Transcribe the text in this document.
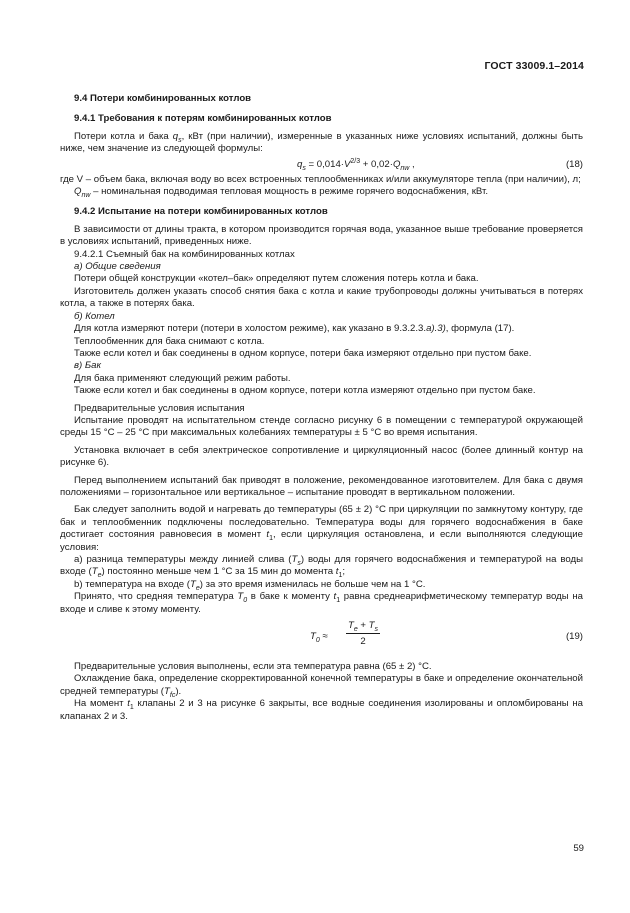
ГОСТ 33009.1–2014

9.4 Потери комбинированных котлов

9.4.1 Требования к потерям комбинированных котлов

Потери котла и бака $q_s$, кВт (при наличии), измеренные в указанных ниже условиях испытаний, должны быть ниже, чем значение из следующей формулы:

$q_s = 0,014\cdot V^{2/3} + 0,02\cdot Q_{nw}$ ,	(18)

где V – объем бака, включая воду во всех встроенных теплообменниках и/или аккумуляторе тепла (при наличии), л;

$Q_{nw}$ – номинальная подводимая тепловая мощность в режиме горячего водоснабжения, кВт.

9.4.2 Испытание на потери комбинированных котлов

В зависимости от длины тракта, в котором производится горячая вода, указанное выше требование проверяется в условиях испытаний, приведенных ниже.

9.4.2.1 Съемный бак на комбинированных котлах

а) Общие сведения

Потери общей конструкции «котел–бак» определяют путем сложения потерь котла и бака.

Изготовитель должен указать способ снятия бака с котла и какие трубопроводы должны учитываться в потерях котла, а также в потерях бака.

б) Котел

Для котла измеряют потери (потери в холостом режиме), как указано в 9.3.2.3.а).3), формула (17).

Теплообменник для бака снимают с котла.

Также если котел и бак соединены в одном корпусе, потери бака измеряют отдельно при пустом баке.

в) Бак

Для бака применяют следующий режим работы.

Также если котел и бак соединены в одном корпусе, потери котла измеряют отдельно при пустом баке.

Предварительные условия испытания

Испытание проводят на испытательном стенде согласно рисунку 6 в помещении с температурой окружающей среды 15 °С – 25 °С при максимальных колебаниях температуры ± 5 °С во время испытания.

Установка включает в себя электрическое сопротивление и циркуляционный насос (более длинный контур на рисунке 6).

Перед выполнением испытаний бак приводят в положение, рекомендованное изготовителем. Для бака с двумя положениями – горизонтальное или вертикальное – испытание проводят в вертикальном положении.

Бак следует заполнить водой и нагревать до температуры (65 ± 2) °С при циркуляции по замкнутому контуру, где бак и теплообменник подключены последовательно. Температура воды для горячего водоснабжения в баке достигает состояния равновесия в момент $t_1$, если циркуляция остановлена, и если выполняются следующие условия:

а) разница температуры между линией слива $(T_s)$ воды для горячего водоснабжения и температурой на воды входе $(T_e)$ постоянно меньше чем 1 °С за 15 мин до момента $t_1$;

b) температура на входе $(T_e)$ за это время изменилась не больше чем на 1 °С.

Принято, что средняя температура $T_0$ в баке к моменту $t_1$ равна среднеарифметическому температур воды на входе и сливе к этому моменту.

$T_0 \approx \frac{T_e + T_s}{2}$	(19)

Предварительные условия выполнены, если эта температура равна (65 ± 2) °С.

Охлаждение бака, определение скорректированной конечной температуры в баке и определение окончательной средней температуры $(T_{fc})$.

На момент $t_1$ клапаны 2 и 3 на рисунке 6 закрыты, все водные соединения изолированы и опломбированы на клапанах 2 и 3.

59
